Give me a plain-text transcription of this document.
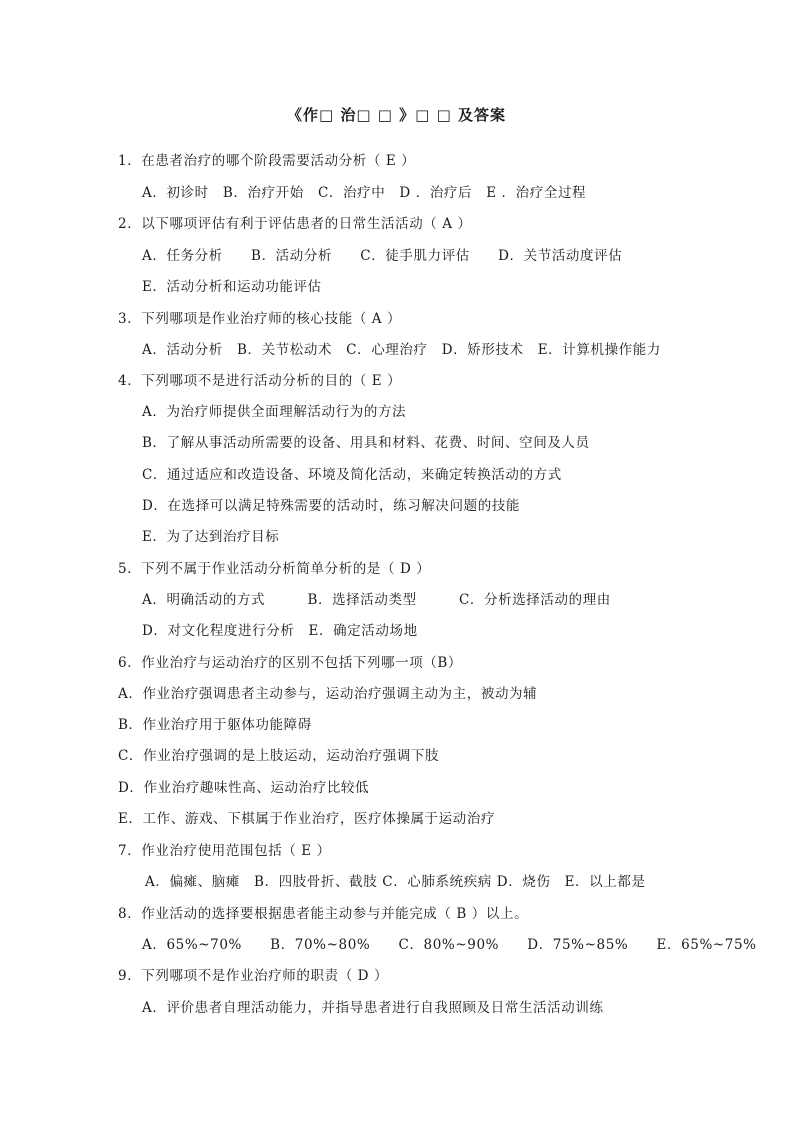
《作□ 治□ □ 》□ □ 及答案
1．在患者治疗的哪个阶段需要活动分析（ E ）
A．初诊时　B．治疗开始　C．治疗中　D ．治疗后　E ．治疗全过程
2．以下哪项评估有利于评估患者的日常生活活动（ A ）
A．任务分析　　B．活动分析　　C．徒手肌力评估　　D．关节活动度评估
E．活动分析和运动功能评估
3．下列哪项是作业治疗师的核心技能（ A ）
A．活动分析　B．关节松动术　C．心理治疗　D．矫形技术　E．计算机操作能力
4．下列哪项不是进行活动分析的目的（ E ）
A．为治疗师提供全面理解活动行为的方法
B．了解从事活动所需要的设备、用具和材料、花费、时间、空间及人员
C．通过适应和改造设备、环境及简化活动，来确定转换活动的方式
D．在选择可以满足特殊需要的活动时，练习解决问题的技能
E．为了达到治疗目标
5．下列不属于作业活动分析简单分析的是（ D ）
A．明确活动的方式　　　B．选择活动类型　　　C．分析选择活动的理由
D．对文化程度进行分析　E．确定活动场地
6．作业治疗与运动治疗的区别不包括下列哪一项（B）
A．作业治疗强调患者主动参与，运动治疗强调主动为主，被动为辅
B．作业治疗用于躯体功能障碍
C．作业治疗强调的是上肢运动，运动治疗强调下肢
D．作业治疗趣味性高、运动治疗比较低
E．工作、游戏、下棋属于作业治疗，医疗体操属于运动治疗
7．作业治疗使用范围包括（ E ）
A．偏瘫、脑瘫　B．四肢骨折、截肢 C．心肺系统疾病 D．烧伤　E．以上都是
8．作业活动的选择要根据患者能主动参与并能完成（ B ）以上。
A．65%~70%　　B．70%~80%　　C．80%~90%　　D．75%~85%　　E．65%~75%
9．下列哪项不是作业治疗师的职责（ D ）
A．评价患者自理活动能力，并指导患者进行自我照顾及日常生活活动训练
